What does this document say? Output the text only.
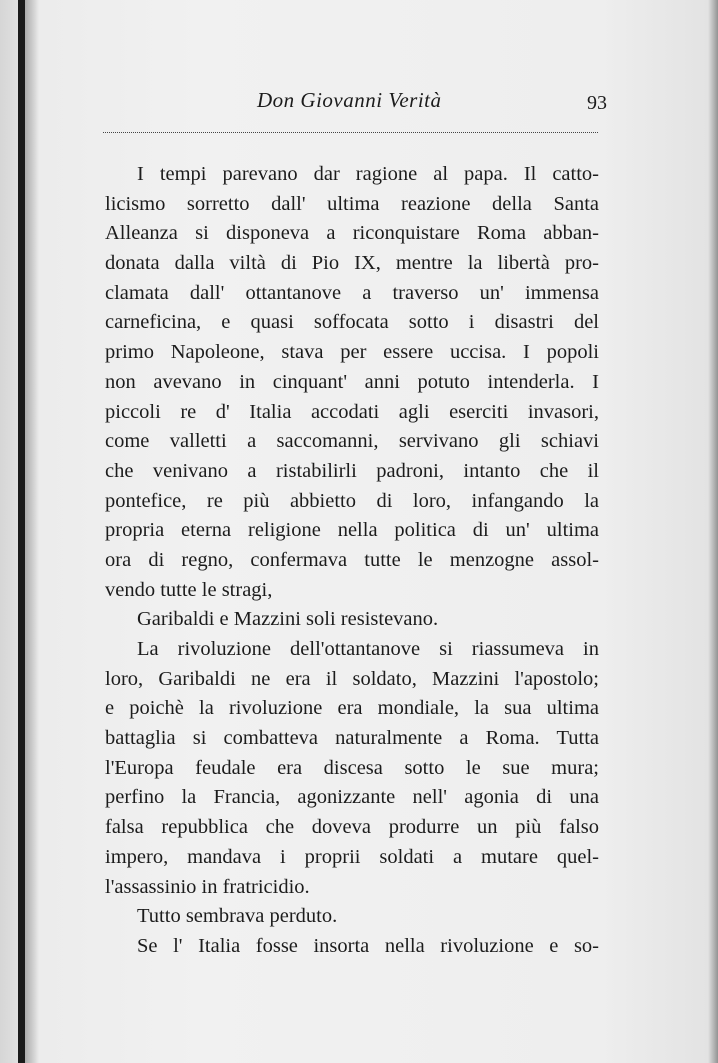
Don Giovanni Verità	93
I tempi parevano dar ragione al papa. Il catto-
licismo sorretto dall' ultima reazione della Santa
Alleanza si disponeva a riconquistare Roma abban-
donata dalla viltà di Pio IX, mentre la libertà pro-
clamata dall' ottantanove a traverso un' immensa
carneficina, e quasi soffocata sotto i disastri del
primo Napoleone, stava per essere uccisa. I popoli
non avevano in cinquant' anni potuto intenderla. I
piccoli re d' Italia accodati agli eserciti invasori,
come valletti a saccomanni, servivano gli schiavi
che venivano a ristabilirli padroni, intanto che il
pontefice, re più abbietto di loro, infangando la
propria eterna religione nella politica di un' ultima
ora di regno, confermava tutte le menzogne assol-
vendo tutte le stragi,
Garibaldi e Mazzini soli resistevano.
La rivoluzione dell'ottantanove si riassumeva in
loro, Garibaldi ne era il soldato, Mazzini l'apostolo;
e poichè la rivoluzione era mondiale, la sua ultima
battaglia si combatteva naturalmente a Roma. Tutta
l'Europa feudale era discesa sotto le sue mura;
perfino la Francia, agonizzante nell' agonia di una
falsa repubblica che doveva produrre un più falso
impero, mandava i proprii soldati a mutare quel-
l'assassinio in fratricidio.
Tutto sembrava perduto.
Se l' Italia fosse insorta nella rivoluzione e so-
